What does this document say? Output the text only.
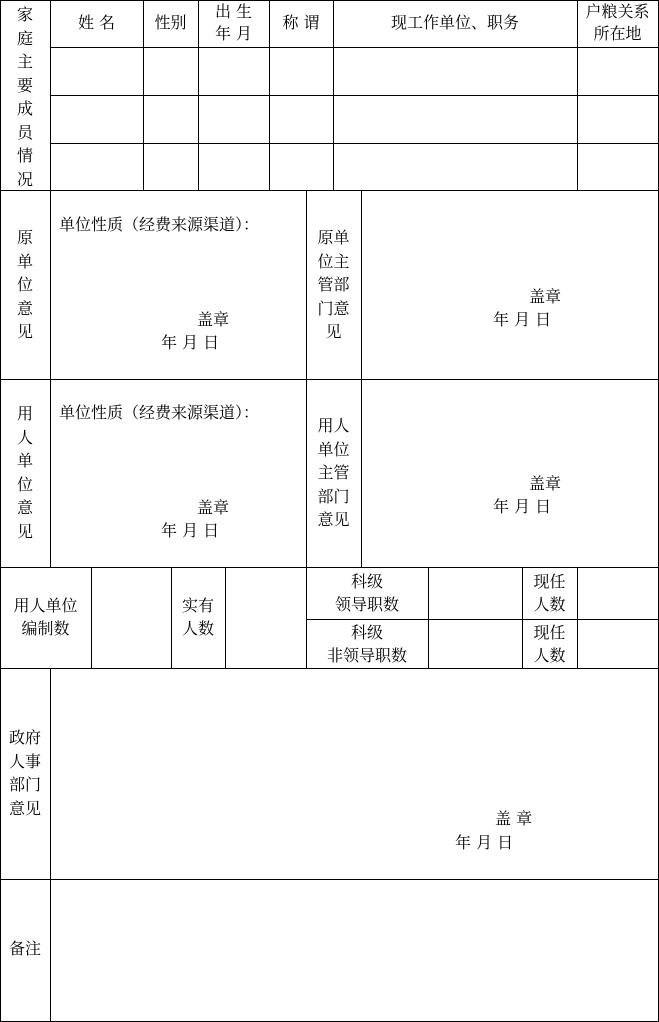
家庭主要成员情况
姓 名	性别
出 生
年 月
称 谓	现工作单位、职务
户粮关系
所在地
原单位意见
单位性质（经费来源渠道）：
盖章
年 月 日
原单
位主
管部
门意
见
盖章
年 月 日
用人单位意见
单位性质（经费来源渠道）：
盖章
年 月 日
用人
单位
主管
部门
意见
盖章
年 月 日
用人单位
编制数
实有
人数
科级
领导职数
科级
非领导职数
现任
人数
现任
人数
政府
人事
部门
意见
盖 章
年 月 日
备注
